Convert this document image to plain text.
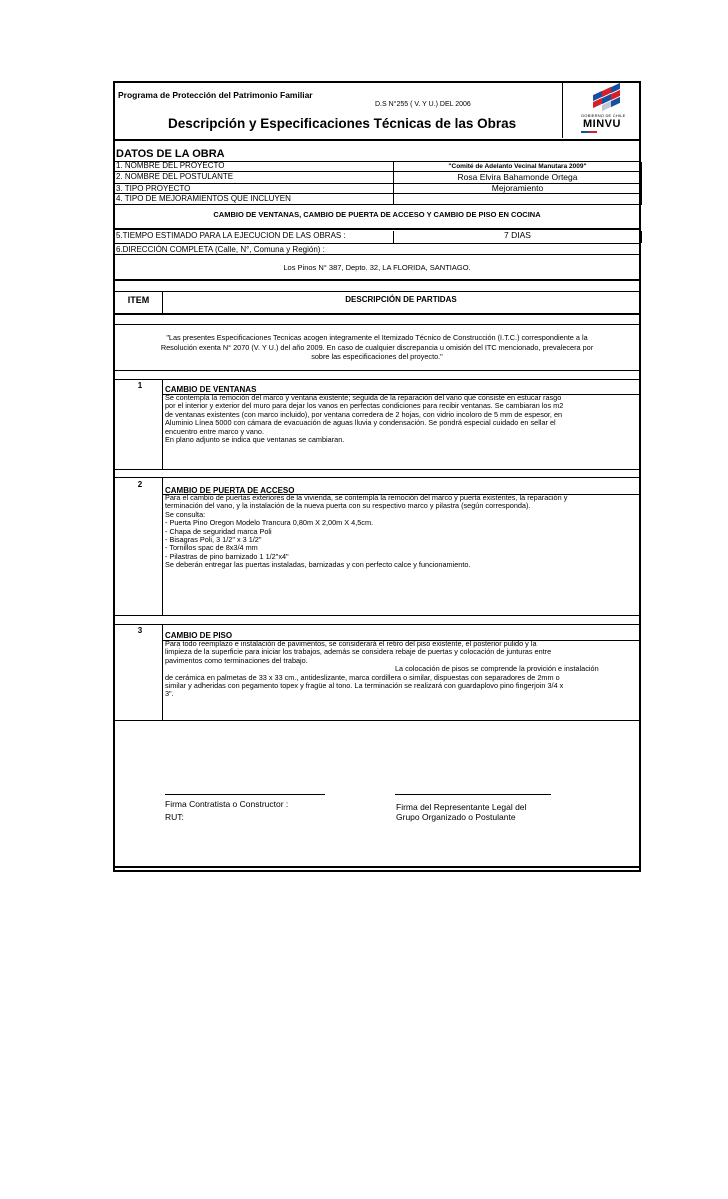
Programa de Protección del Patrimonio Familiar
D.S N°255 ( V. Y U.) DEL 2006
Descripción y Especificaciones Técnicas de las Obras
GOBIERNO DE CHILE
MINVU
DATOS DE LA OBRA
1. NOMBRE DEL PROYECTO	"Comité de Adelanto Vecinal Manutara 2009"
2. NOMBRE DEL POSTULANTE	Rosa Elvira Bahamonde Ortega
3. TIPO PROYECTO	Mejoramiento
4. TIPO DE MEJORAMIENTOS QUE INCLUYEN
CAMBIO DE VENTANAS, CAMBIO DE PUERTA DE ACCESO Y CAMBIO DE PISO EN COCINA
5.TIEMPO ESTIMADO PARA LA EJECUCION DE LAS OBRAS :	7 DIAS
6.DIRECCIÓN COMPLETA (Calle, N°, Comuna y Región) :
Los Pinos N° 387, Depto. 32, LA FLORIDA, SANTIAGO.
ITEM	DESCRIPCIÓN DE PARTIDAS
"Las presentes Especificaciones Tecnicas acogen integramente el Itemizado Técnico de Construcción (I.T.C.) correspondiente a la
Resolución exenta N° 2070 (V. Y U.) del año 2009. En caso de cualquier discrepancia u omisión del ITC mencionado, prevalecera por
sobre las especificaciones del proyecto."
1	CAMBIO DE VENTANAS
Se contempla la remoción del marco y ventana existente; seguida de la reparación del vano que consiste en estucar rasgo
por el interior y exterior del muro para dejar los vanos en perfectas condiciones para recibir ventanas. Se cambiaran los m2
de ventanas existentes (con marco incluido), por ventana corredera de 2 hojas, con vidrio incoloro de 5 mm de espesor, en
Aluminio Línea 5000 con cámara de evacuación de aguas lluvia y condensación. Se pondrá especial cuidado en sellar el
encuentro entre marco y vano.
En plano adjunto se indica que ventanas se cambiaran.
2
CAMBIO DE PUERTA DE ACCESO
Para el cambio de puertas exteriores de la vivienda, se contempla la remoción del marco y puerta existentes, la reparación y
terminación del vano, y la instalación de la nueva puerta con su respectivo marco y pilastra (según corresponda).
Se consulta:
- Puerta Pino Oregon Modelo Trancura 0,80m X 2,00m X 4,5cm.
- Chapa de seguridad marca Poli
- Bisagras Poli, 3 1/2" x 3 1/2"
- Tornillos spac de 8x3/4 mm
- Pilastras de pino barnizado 1 1/2"x4"
Se deberán entregar las puertas instaladas, barnizadas y con perfecto calce y funcionamiento.
3
CAMBIO DE PISO
Para todo reemplazo e instalación de pavimentos, se considerará el retiro del piso existente, el posterior pulido y la
limpieza de la superficie para iniciar los trabajos, además se considera rebaje de puertas y colocación de junturas entre
pavimentos como terminaciones del trabajo.
La colocación de pisos se comprende la provición e instalación
de cerámica en palmetas de 33 x 33 cm., antideslizante, marca cordillera o similar, dispuestas con separadores de 2mm o
similar y adheridas con pegamento topex y fragüe al tono. La terminación se realizará con guardaplovo pino fingerjoin 3/4 x
3".
Firma Contratista o Constructor :
RUT:
Firma del Representante Legal del
Grupo Organizado o Postulante
